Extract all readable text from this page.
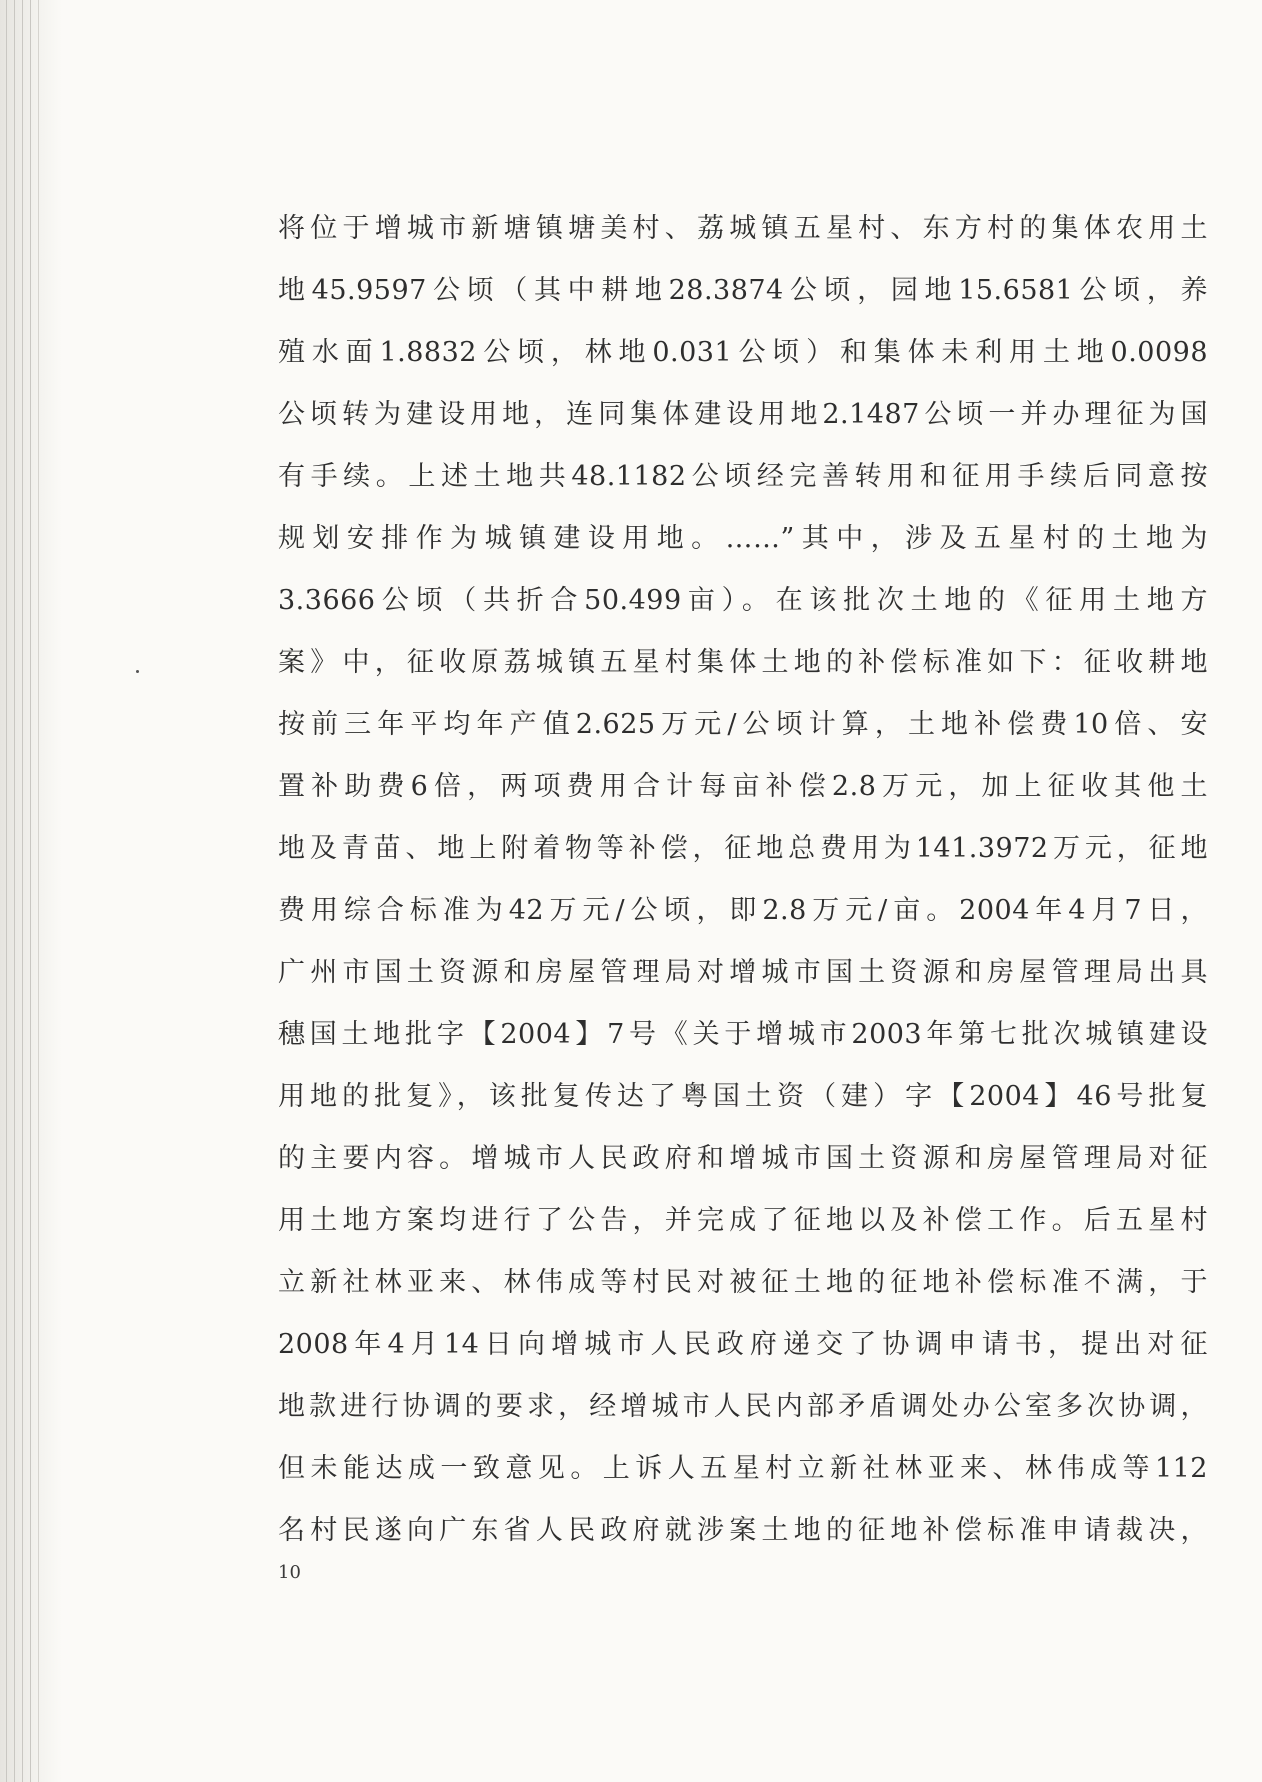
将位于增城市新塘镇塘美村、荔城镇五星村、东方村的集体农用土
地45.9597公顷（其中耕地28.3874公顷，园地15.6581公顷，养
殖水面1.8832公顷，林地0.031公顷）和集体未利用土地0.0098
公顷转为建设用地，连同集体建设用地2.1487公顷一并办理征为国
有手续。上述土地共48.1182公顷经完善转用和征用手续后同意按
规划安排作为城镇建设用地。……”其中，涉及五星村的土地为
3.3666公顷（共折合50.499亩）。在该批次土地的《征用土地方
案》中，征收原荔城镇五星村集体土地的补偿标准如下：征收耕地
按前三年平均年产值2.625万元/公顷计算，土地补偿费10倍、安
置补助费6倍，两项费用合计每亩补偿2.8万元，加上征收其他土
地及青苗、地上附着物等补偿，征地总费用为141.3972万元，征地
费用综合标准为42万元/公顷，即2.8万元/亩。2004年4月7日，
广州市国土资源和房屋管理局对增城市国土资源和房屋管理局出具
穗国土地批字【2004】7号《关于增城市2003年第七批次城镇建设
用地的批复》，该批复传达了粤国土资（建）字【2004】46号批复
的主要内容。增城市人民政府和增城市国土资源和房屋管理局对征
用土地方案均进行了公告，并完成了征地以及补偿工作。后五星村
立新社林亚来、林伟成等村民对被征土地的征地补偿标准不满，于
2008年4月14日向增城市人民政府递交了协调申请书，提出对征
地款进行协调的要求，经增城市人民内部矛盾调处办公室多次协调，
但未能达成一致意见。上诉人五星村立新社林亚来、林伟成等112
名村民遂向广东省人民政府就涉案土地的征地补偿标准申请裁决，
10
